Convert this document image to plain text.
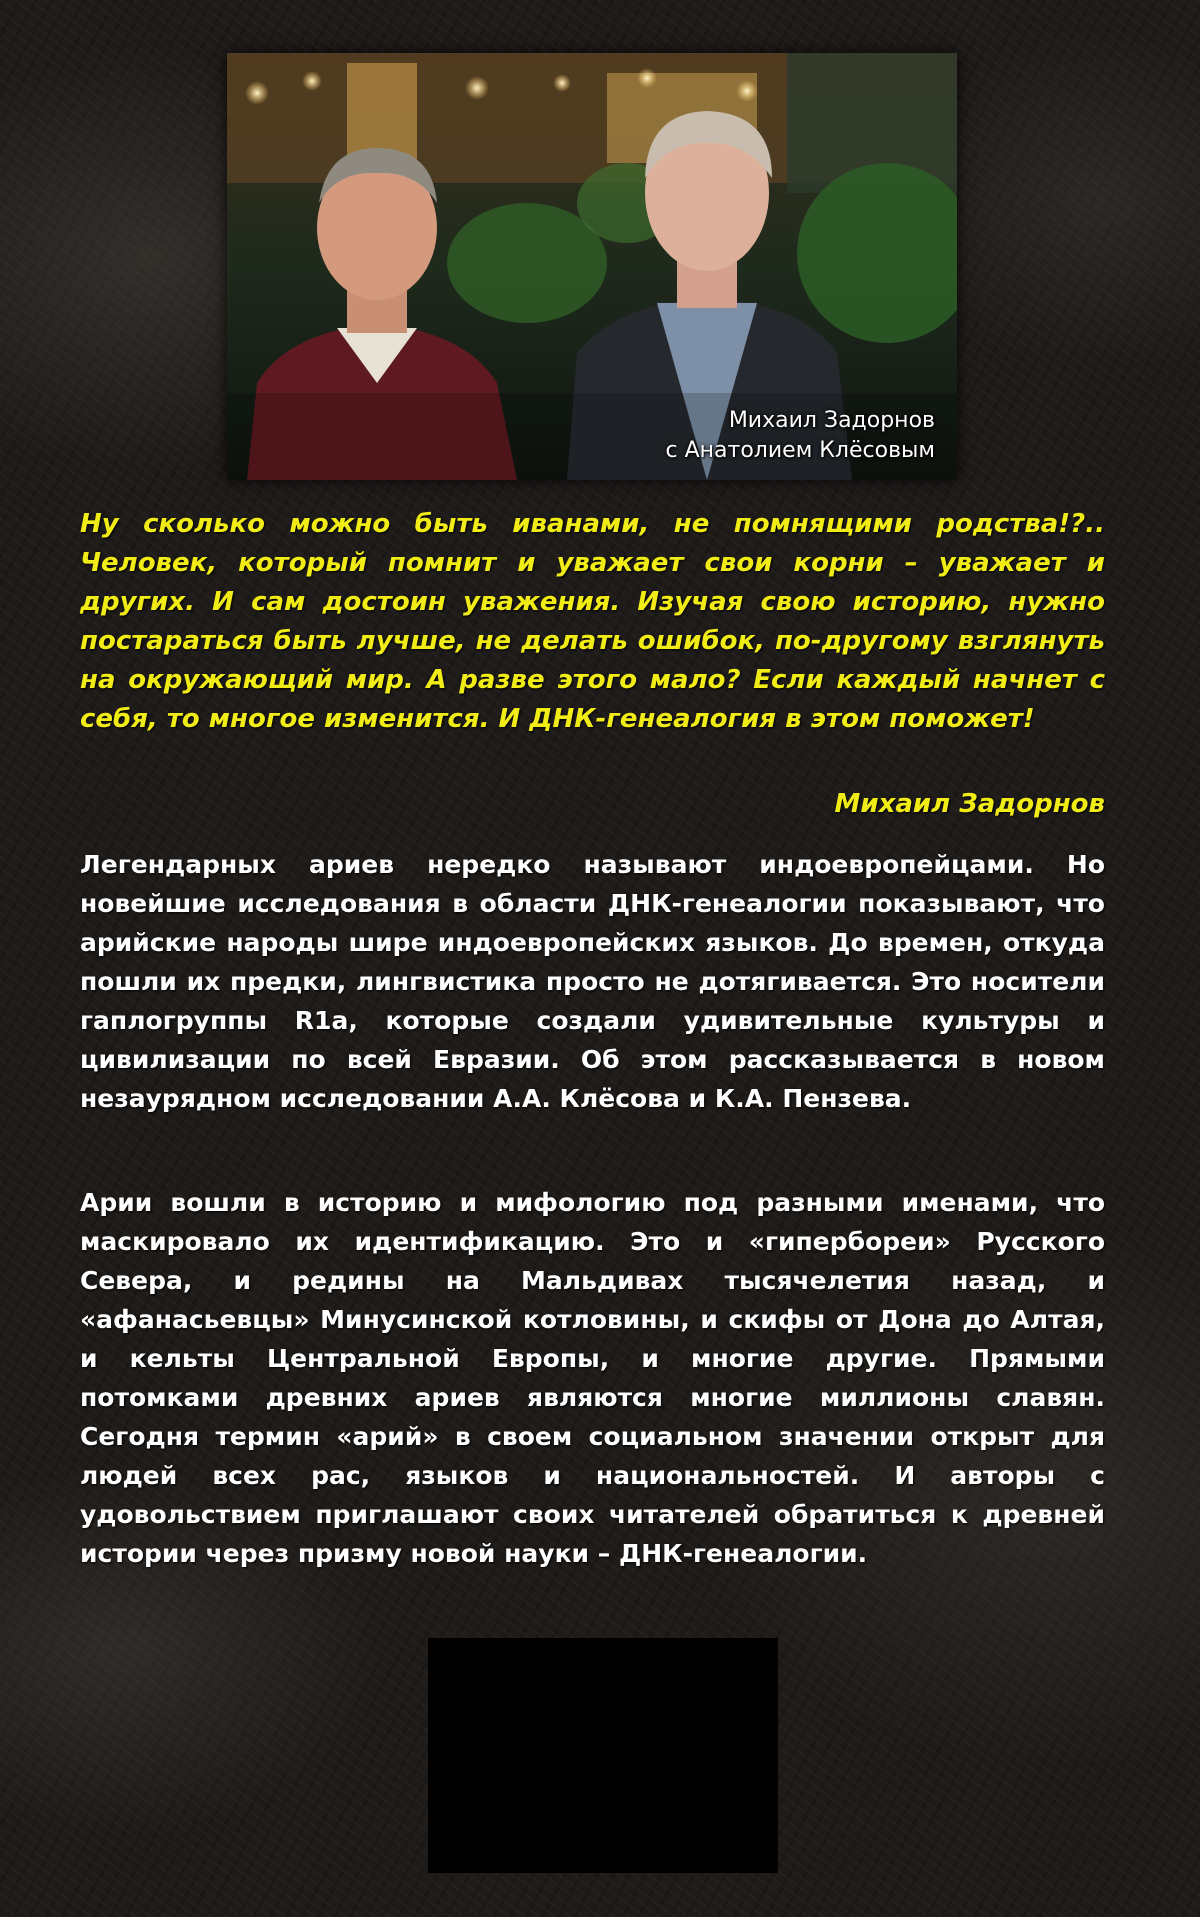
Михаил Задорнов
с Анатолием Клёсовым

Ну сколько можно быть иванами, не помнящими родства!?.. Человек, который помнит и уважает свои корни – уважает и других. И сам достоин уважения. Изучая свою историю, нужно постараться быть лучше, не делать ошибок, по-другому взглянуть на окружающий мир. А разве этого мало? Если каждый начнет с себя, то многое изменится. И ДНК-генеалогия в этом поможет!

Михаил Задорнов

Легендарных ариев нередко называют индоевропейцами. Но новейшие исследования в области ДНК-генеалогии показывают, что арийские народы шире индоевропейских языков. До времен, откуда пошли их предки, лингвистика просто не дотягивается. Это носители гаплогруппы R1a, которые создали удивительные культуры и цивилизации по всей Евразии. Об этом рассказывается в новом незаурядном исследовании А.А. Клёсова и К.А. Пензева.

Арии вошли в историю и мифологию под разными именами, что маскировало их идентификацию. Это и «гипербореи» Русского Севера, и редины на Мальдивах тысячелетия назад, и «афанасьевцы» Минусинской котловины, и скифы от Дона до Алтая, и кельты Центральной Европы, и многие другие. Прямыми потомками древних ариев являются многие миллионы славян. Сегодня термин «арий» в своем социальном значении открыт для людей всех рас, языков и национальностей. И авторы с удовольствием приглашают своих читателей обратиться к древней истории через призму новой науки – ДНК-генеалогии.
